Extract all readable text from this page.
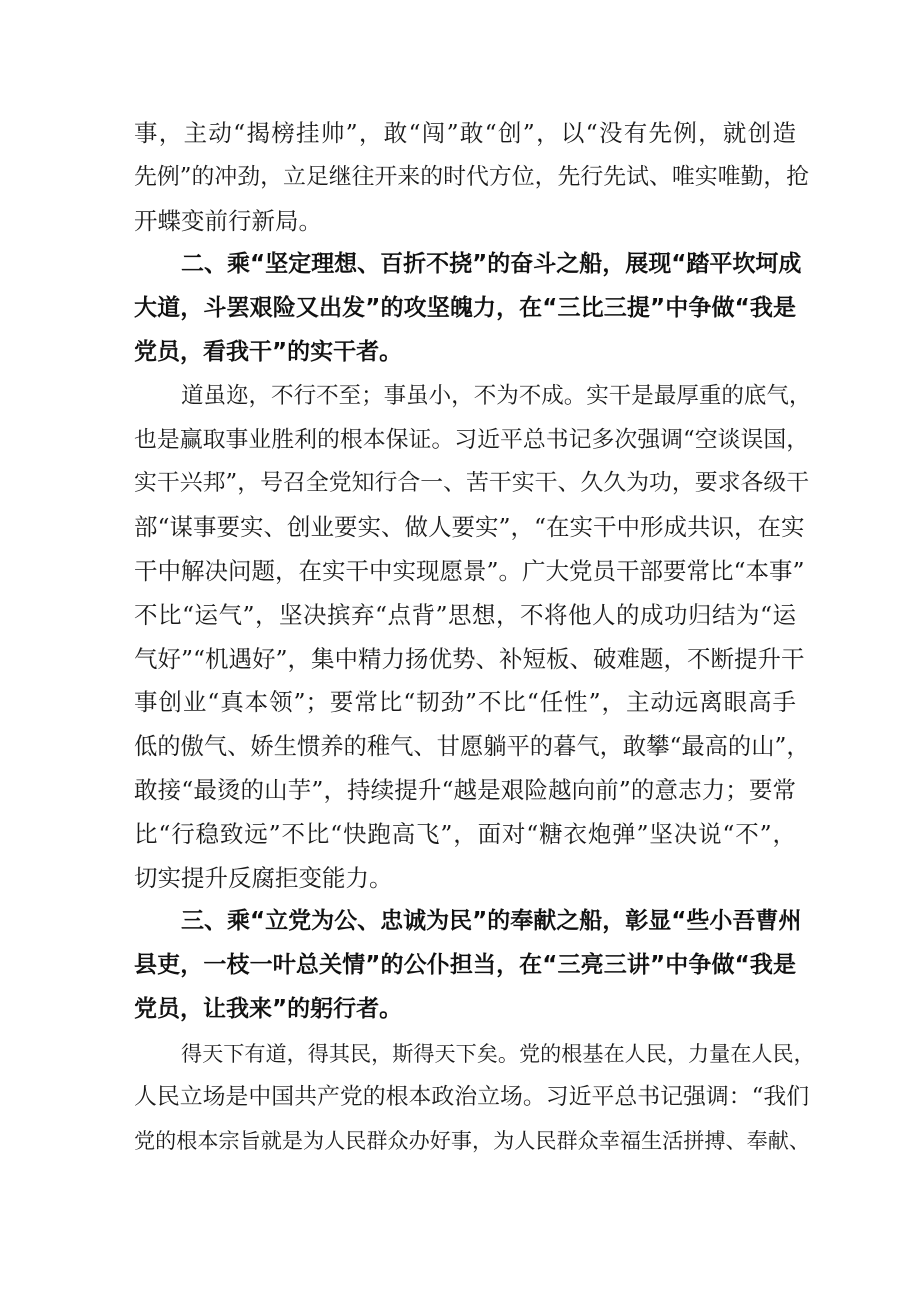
事，主动“揭榜挂帅”，敢“闯”敢“创”，以“没有先例，就创造
先例”的冲劲，立足继往开来的时代方位，先行先试、唯实唯勤，抢
开蝶变前行新局。
二、乘“坚定理想、百折不挠”的奋斗之船，展现“踏平坎坷成
大道，斗罢艰险又出发”的攻坚魄力，在“三比三提”中争做“我是
党员，看我干”的实干者。
道虽迩，不行不至；事虽小，不为不成。实干是最厚重的底气，
也是赢取事业胜利的根本保证。习近平总书记多次强调“空谈误国，
实干兴邦”，号召全党知行合一、苦干实干、久久为功，要求各级干
部“谋事要实、创业要实、做人要实”，“在实干中形成共识，在实
干中解决问题，在实干中实现愿景”。广大党员干部要常比“本事”
不比“运气”，坚决摈弃“点背”思想，不将他人的成功归结为“运
气好”“机遇好”，集中精力扬优势、补短板、破难题，不断提升干
事创业“真本领”；要常比“韧劲”不比“任性”，主动远离眼高手
低的傲气、娇生惯养的稚气、甘愿躺平的暮气，敢攀“最高的山”，
敢接“最烫的山芋”，持续提升“越是艰险越向前”的意志力；要常
比“行稳致远”不比“快跑高飞”，面对“糖衣炮弹”坚决说“不”，
切实提升反腐拒变能力。
三、乘“立党为公、忠诚为民”的奉献之船，彰显“些小吾曹州
县吏，一枝一叶总关情”的公仆担当，在“三亮三讲”中争做“我是
党员，让我来”的躬行者。
得天下有道，得其民，斯得天下矣。党的根基在人民，力量在人民，
人民立场是中国共产党的根本政治立场。习近平总书记强调：“我们
党的根本宗旨就是为人民群众办好事，为人民群众幸福生活拼搏、奉献、
